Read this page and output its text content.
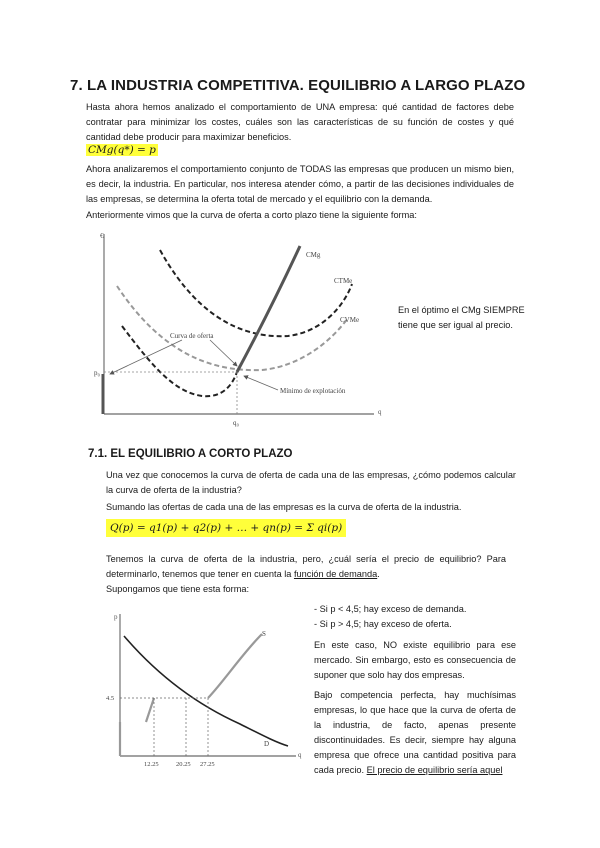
7. LA INDUSTRIA COMPETITIVA. EQUILIBRIO A LARGO PLAZO
Hasta ahora hemos analizado el comportamiento de UNA empresa: qué cantidad de factores debe contratar para minimizar los costes, cuáles son las características de su función de costes y qué cantidad debe producir para maximizar beneficios.
CMg(q*) = p
Ahora analizaremos el comportamiento conjunto de TODAS las empresas que producen un mismo bien, es decir, la industria. En particular, nos interesa atender cómo, a partir de las decisiones individuales de las empresas, se determina la oferta total de mercado y el equilibrio con la demanda.
Anteriormente vimos que la curva de oferta a corto plazo tiene la siguiente forma:
€
q
CMg
CTMe
CVMe
Curva de oferta
p₀
q₀
Mínimo de explotación
En el óptimo el CMg SIEMPRE
tiene que ser igual al precio.
7.1. EL EQUILIBRIO A CORTO PLAZO
Una vez que conocemos la curva de oferta de cada una de las empresas, ¿cómo podemos calcular la curva de oferta de la industria?
Sumando las ofertas de cada una de las empresas es la curva de oferta de la industria.
Q(p) = q1(p) + q2(p) + … + qn(p) = Σ qi(p)
Tenemos la curva de oferta de la industria, pero, ¿cuál sería el precio de equilibrio? Para determinarlo, tenemos que tener en cuenta la función de demanda.
Supongamos que tiene esta forma:
p
q
S
D
4.5
12.25	20.25 27.25
- Si p < 4,5; hay exceso de demanda.
- Si p > 4,5; hay exceso de oferta.
En este caso, NO existe equilibrio para ese mercado. Sin embargo, esto es consecuencia de suponer que solo hay dos empresas.
Bajo competencia perfecta, hay muchísimas empresas, lo que hace que la curva de oferta de la industria, de facto, apenas presente discontinuidades. Es decir, siempre hay alguna empresa que ofrece una cantidad positiva para cada precio. El precio de equilibrio sería aquel
